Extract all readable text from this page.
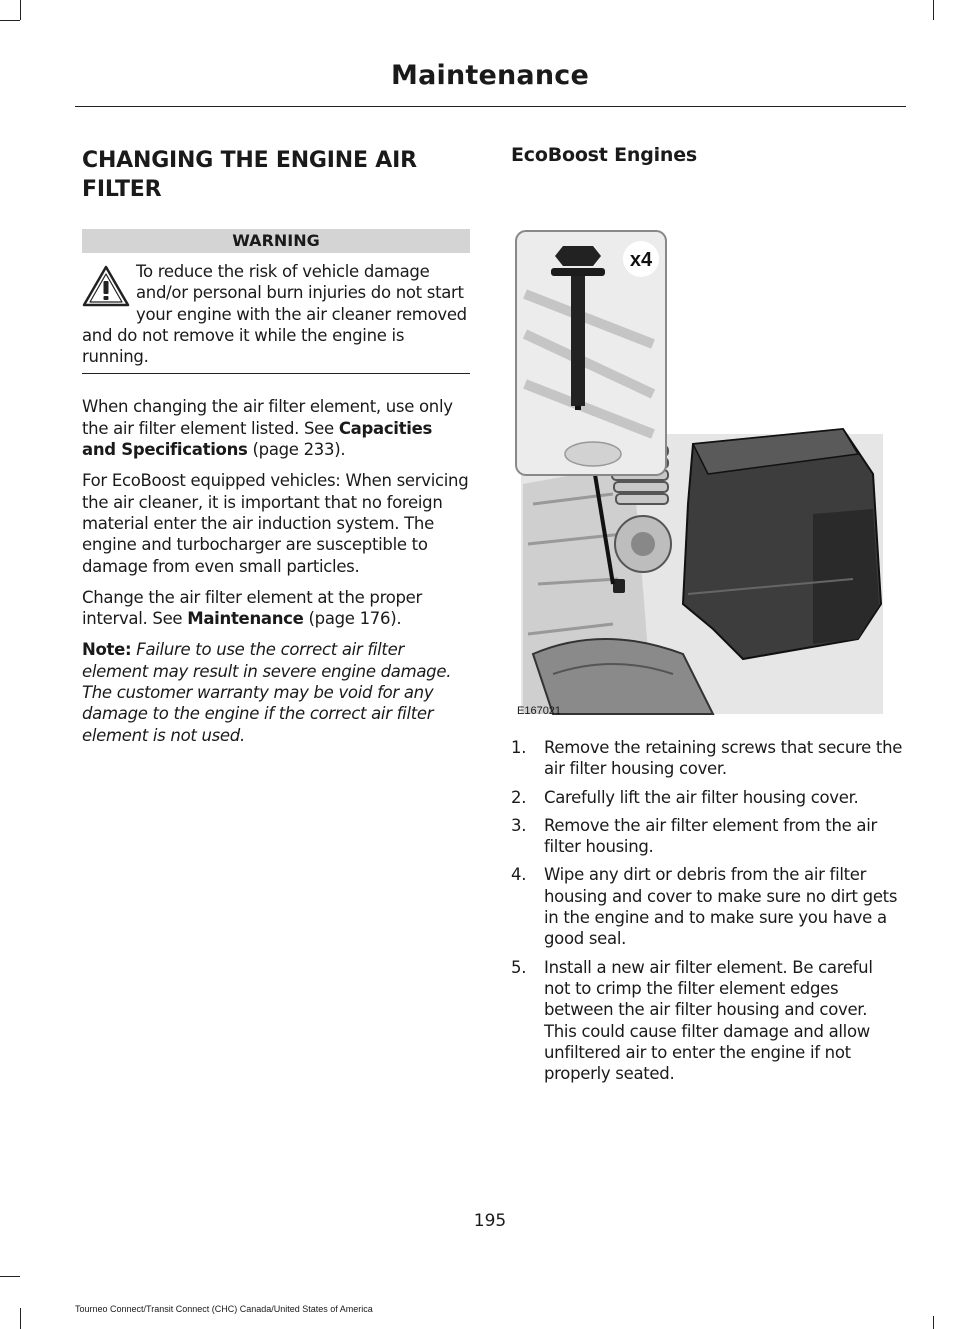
Maintenance
CHANGING THE ENGINE AIR FILTER
WARNING
To reduce the risk of vehicle damage and/or personal burn injuries do not start your engine with the air cleaner removed and do not remove it while the engine is running.

When changing the air filter element, use only the air filter element listed. See Capacities and Specifications (page 233).

For EcoBoost equipped vehicles: When servicing the air cleaner, it is important that no foreign material enter the air induction system. The engine and turbocharger are susceptible to damage from even small particles.

Change the air filter element at the proper interval. See Maintenance (page 176).

Note: Failure to use the correct air filter element may result in severe engine damage. The customer warranty may be void for any damage to the engine if the correct air filter element is not used.

EcoBoost Engines
x4
E167021
1. Remove the retaining screws that secure the air filter housing cover.
2. Carefully lift the air filter housing cover.
3. Remove the air filter element from the air filter housing.
4. Wipe any dirt or debris from the air filter housing and cover to make sure no dirt gets in the engine and to make sure you have a good seal.
5. Install a new air filter element. Be careful not to crimp the filter element edges between the air filter housing and cover. This could cause filter damage and allow unfiltered air to enter the engine if not properly seated.
195
Tourneo Connect/Transit Connect (CHC) Canada/United States of America
